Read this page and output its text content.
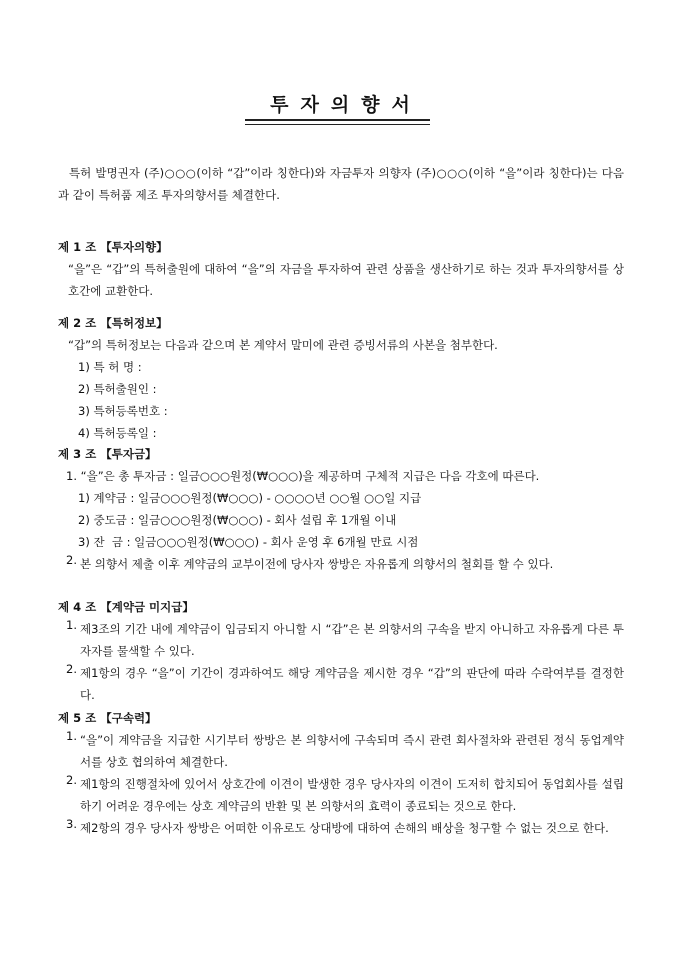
투자의향서
특허 발명권자 (주)○○○(이하 “갑”이라 칭한다)와 자금투자 의향자 (주)○○○(이하 “을”이라 칭한다)는 다음과 같이 특허품 제조 투자의향서를 체결한다.
제 1 조 【투자의향】
“을”은 “갑”의 특허출원에 대하여 “을”의 자금을 투자하여 관련 상품을 생산하기로 하는 것과 투자의향서를 상호간에 교환한다.
제 2 조 【특허정보】
“갑”의 특허정보는 다음과 같으며 본 계약서 말미에 관련 증빙서류의 사본을 첨부한다.
1) 특 허 명 :
2) 특허출원인 :
3) 특허등록번호 :
4) 특허등록일 :
제 3 조 【투자금】
1. “을”은 총 투자금 : 일금○○○원정(₩○○○)을 제공하며 구체적 지급은 다음 각호에 따른다.
1) 계약금 : 일금○○○원정(₩○○○) - ○○○○년 ○○월 ○○일 지급
2) 중도금 : 일금○○○원정(₩○○○) - 회사 설립 후 1개월 이내
3) 잔  금 : 일금○○○원정(₩○○○) - 회사 운영 후 6개월 만료 시점
2. 본 의향서 제출 이후 계약금의 교부이전에 당사자 쌍방은 자유롭게 의향서의 철회를 할 수 있다.
제 4 조 【계약금 미지급】
1. 제3조의 기간 내에 계약금이 입금되지 아니할 시 “갑”은 본 의향서의 구속을 받지 아니하고 자유롭게 다른 투자자를 물색할 수 있다.
2. 제1항의 경우 “을”이 기간이 경과하여도 해당 계약금을 제시한 경우 “갑”의 판단에 따라 수락여부를 결정한다.
제 5 조 【구속력】
1. “을”이 계약금을 지급한 시기부터 쌍방은 본 의향서에 구속되며 즉시 관련 회사절차와 관련된 정식 동업계약서를 상호 협의하여 체결한다.
2. 제1항의 진행절차에 있어서 상호간에 이견이 발생한 경우 당사자의 이견이 도저히 합치되어 동업회사를 설립하기 어려운 경우에는 상호 계약금의 반환 및 본 의향서의 효력이 종료되는 것으로 한다.
3. 제2항의 경우 당사자 쌍방은 어떠한 이유로도 상대방에 대하여 손해의 배상을 청구할 수 없는 것으로 한다.
